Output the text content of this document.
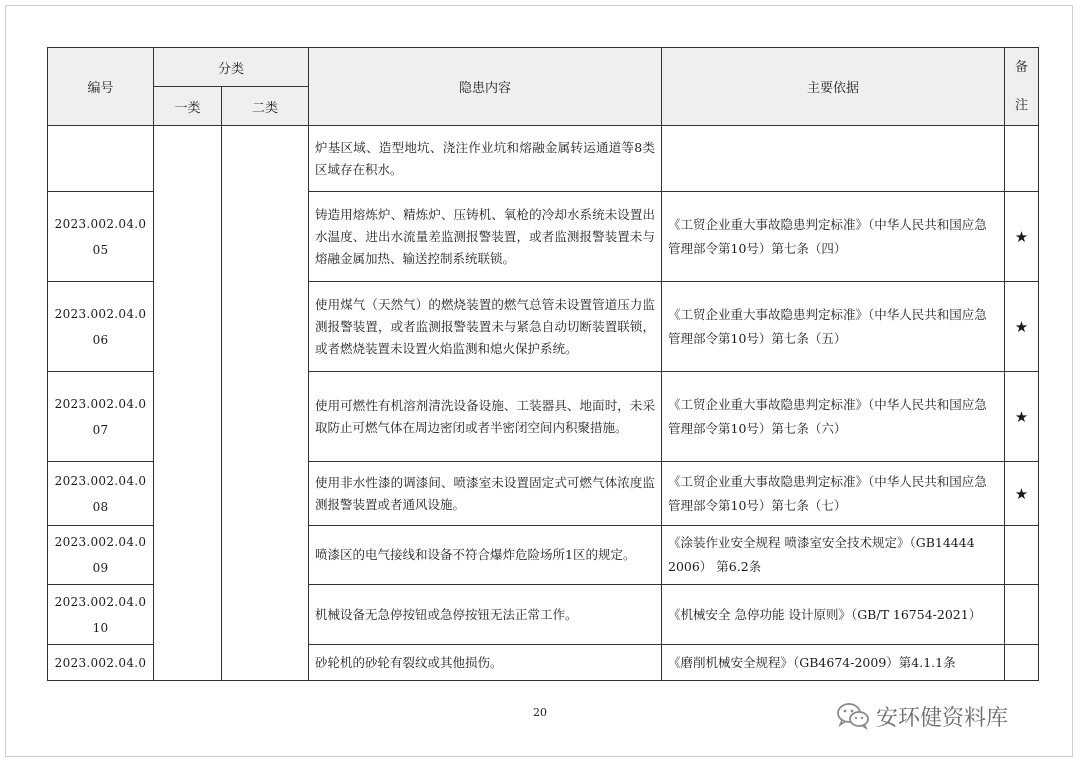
编号	分类		隐患内容	主要依据	备
注

	一类	二类			

			炉基区域、造型地坑、浇注作业坑和熔融金属转运通道等8类区域存在积水。		

2023.002.04.0
05			铸造用熔炼炉、精炼炉、压铸机、氧枪的冷却水系统未设置出水温度、进出水流量差监测报警装置，或者监测报警装置未与熔融金属加热、输送控制系统联锁。	《工贸企业重大事故隐患判定标准》（中华人民共和国应急管理部令第10号）第七条（四）	★

2023.002.04.0
06			使用煤气（天然气）的燃烧装置的燃气总管未设置管道压力监测报警装置，或者监测报警装置未与紧急自动切断装置联锁，或者燃烧装置未设置火焰监测和熄火保护系统。	《工贸企业重大事故隐患判定标准》（中华人民共和国应急管理部令第10号）第七条（五）	★

2023.002.04.0
07			使用可燃性有机溶剂清洗设备设施、工装器具、地面时，未采取防止可燃气体在周边密闭或者半密闭空间内积聚措施。	《工贸企业重大事故隐患判定标准》（中华人民共和国应急管理部令第10号）第七条（六）	★

2023.002.04.0
08			使用非水性漆的调漆间、喷漆室未设置固定式可燃气体浓度监测报警装置或者通风设施。	《工贸企业重大事故隐患判定标准》（中华人民共和国应急管理部令第10号）第七条（七）	★

2023.002.04.0
09			喷漆区的电气接线和设备不符合爆炸危险场所1区的规定。	《涂装作业安全规程 喷漆室安全技术规定》（GB14444 2006） 第6.2条	

2023.002.04.0
10			机械设备无急停按钮或急停按钮无法正常工作。	《机械安全 急停功能 设计原则》（GB/T 16754-2021）	

2023.002.04.0			砂轮机的砂轮有裂纹或其他损伤。	《磨削机械安全规程》（GB4674-2009）第4.1.1条	
20	安环健资料库
